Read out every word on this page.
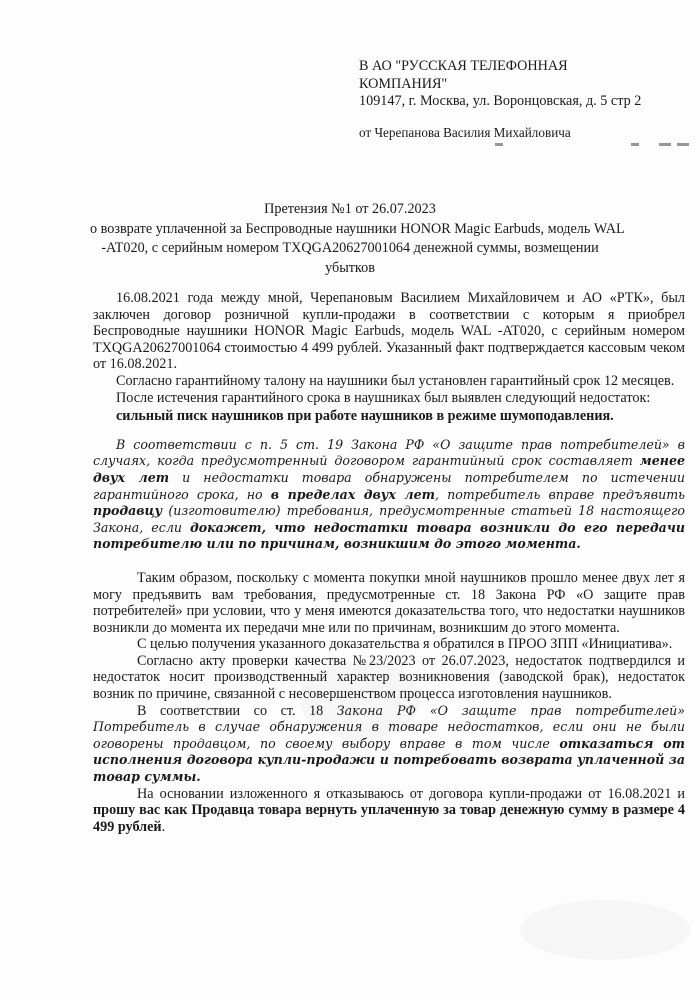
В АО "РУССКАЯ ТЕЛЕФОННАЯ
КОМПАНИЯ"
109147, г. Москва, ул. Воронцовская, д. 5 стр 2
от Черепанова Василия Михайловича
Претензия №1 от 26.07.2023
о возврате уплаченной за Беспроводные наушники HONOR Magic Earbuds, модель WAL
-AT020, с серийным номером TXQGA20627001064 денежной суммы, возмещении
убытков

16.08.2021 года между мной, Черепановым Василием Михайловичем и АО «РТК», был заключен договор розничной купли-продажи в соответствии с которым я приобрел Беспроводные наушники HONOR Magic Earbuds, модель WAL -AT020, с серийным номером TXQGA20627001064 стоимостью 4 499 рублей. Указанный факт подтверждается кассовым чеком от 16.08.2021.

Согласно гарантийному талону на наушники был установлен гарантийный срок 12 месяцев.

После истечения гарантийного срока в наушниках был выявлен следующий недостаток:

сильный писк наушников при работе наушников в режиме шумоподавления.

В соответствии с п. 5 ст. 19 Закона РФ «О защите прав потребителей» в случаях, когда предусмотренный договором гарантийный срок составляет менее двух лет и недостатки товара обнаружены потребителем по истечении гарантийного срока, но в пределах двух лет, потребитель вправе предъявить продавцу (изготовителю) требования, предусмотренные статьей 18 настоящего Закона, если докажет, что недостатки товара возникли до его передачи потребителю или по причинам, возникшим до этого момента.

Таким образом, поскольку с момента покупки мной наушников прошло менее двух лет я могу предъявить вам требования, предусмотренные ст. 18 Закона РФ «О защите прав потребителей» при условии, что у меня имеются доказательства того, что недостатки наушников возникли до момента их передачи мне или по причинам, возникшим до этого момента.

С целью получения указанного доказательства я обратился в ПРОО ЗПП «Инициатива».

Согласно акту проверки качества №23/2023 от 26.07.2023, недостаток подтвердился и недостаток носит производственный характер возникновения (заводской брак), недостаток возник по причине, связанной с несовершенством процесса изготовления наушников.

В соответствии со ст. 18 Закона РФ «О защите прав потребителей» Потребитель в случае обнаружения в товаре недостатков, если они не были оговорены продавцом, по своему выбору вправе в том числе отказаться от исполнения договора купли-продажи и потребовать возврата уплаченной за товар суммы.

На основании изложенного я отказываюсь от договора купли-продажи от 16.08.2021 и прошу вас как Продавца товара вернуть уплаченную за товар денежную сумму в размере 4 499 рублей.
